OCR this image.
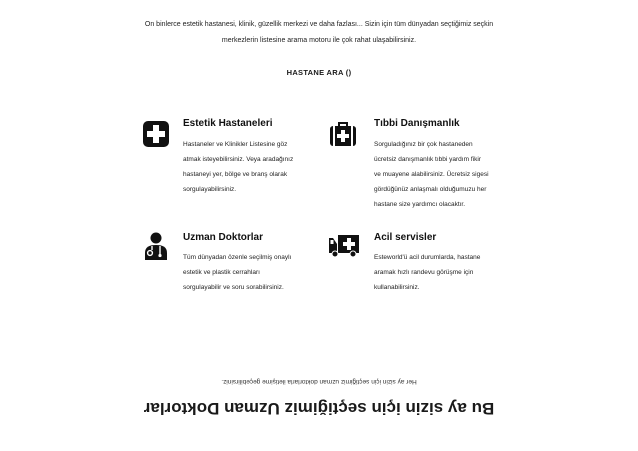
On binlerce estetik hastanesi, klinik, güzellik merkezi ve daha fazlası... Sizin için tüm dünyadan seçtiğimiz seçkin

merkezlerin listesine arama motoru ile çok rahat ulaşabilirsiniz.

HASTANE ARA ()
Estetik Hastaneleri

Hastaneler ve Klinikler Listesine göz

atmak isteyebilirsiniz. Veya aradağınız

hastaneyi yer, bölge ve branş olarak

sorgulayabilirsiniz.

Tıbbi Danışmanlık

Sorguladığınız bir çok hastaneden

ücretsiz danışmanlık tıbbi yardım fikir

ve muayene alabilirsiniz. Ücretsiz sigesi

gördüğünüz anlaşmalı olduğumuzu her

hastane size yardımcı olacaktır.

Uzman Doktorlar

Tüm dünyadan özenle seçilmiş onaylı

estetik ve plastik cerrahları

sorgulayabilir ve soru sorabilirsiniz.

Acil servisler

Esteworld'ü acil durumlarda, hastane

aramak hızlı randevu görüşme için

kullanabilirsiniz.

Her ay sizin için seçtiğimiz uzman doktorlarla iletişime geçebilirsiniz.
Bu ay sizin için seçtiğimiz Uzman Doktorlar
